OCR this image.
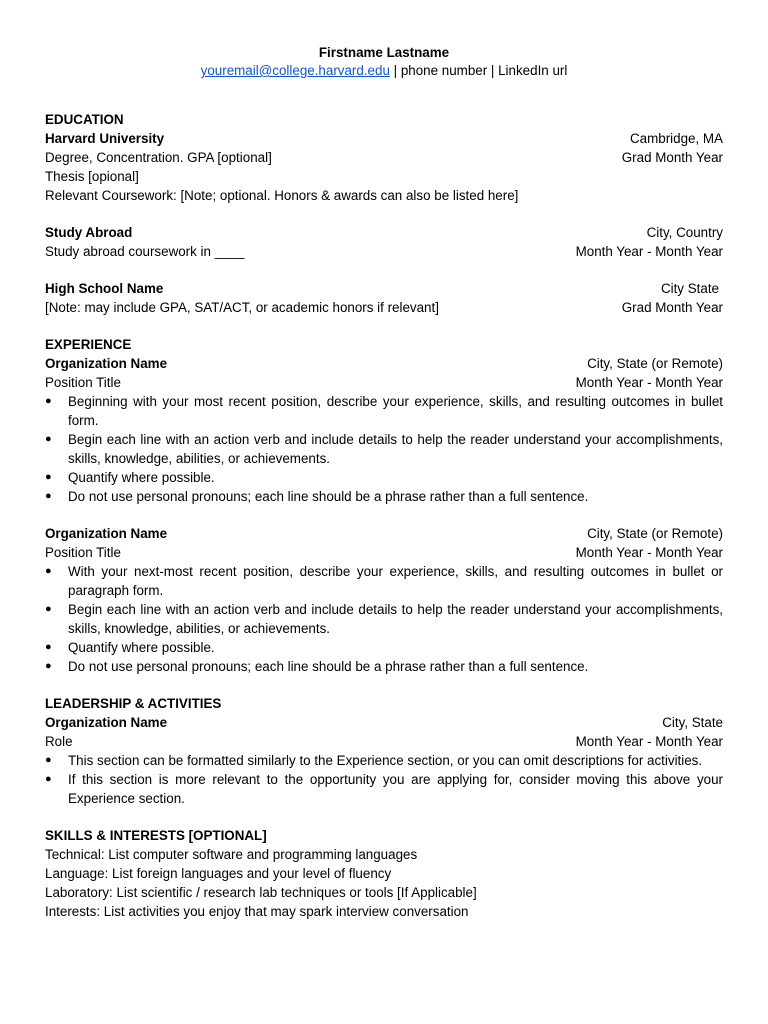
Firstname Lastname
youremail@college.harvard.edu | phone number | LinkedIn url
EDUCATION
Harvard University	Cambridge, MA
Degree, Concentration. GPA [optional]	Grad Month Year
Thesis [opional]
Relevant Coursework: [Note; optional. Honors & awards can also be listed here]
Study Abroad	City, Country
Study abroad coursework in ____	Month Year - Month Year
High School Name	City State
[Note: may include GPA, SAT/ACT, or academic honors if relevant]	Grad Month Year
EXPERIENCE
Organization Name	City, State (or Remote)
Position Title	Month Year - Month Year
● Beginning with your most recent position, describe your experience, skills, and resulting outcomes in bullet form.
● Begin each line with an action verb and include details to help the reader understand your accomplishments, skills, knowledge, abilities, or achievements.
● Quantify where possible.
● Do not use personal pronouns; each line should be a phrase rather than a full sentence.
Organization Name	City, State (or Remote)
Position Title	Month Year - Month Year
● With your next-most recent position, describe your experience, skills, and resulting outcomes in bullet or paragraph form.
● Begin each line with an action verb and include details to help the reader understand your accomplishments, skills, knowledge, abilities, or achievements.
● Quantify where possible.
● Do not use personal pronouns; each line should be a phrase rather than a full sentence.
LEADERSHIP & ACTIVITIES
Organization Name	City, State
Role	Month Year - Month Year
● This section can be formatted similarly to the Experience section, or you can omit descriptions for activities.
● If this section is more relevant to the opportunity you are applying for, consider moving this above your Experience section.
SKILLS & INTERESTS [OPTIONAL]
Technical: List computer software and programming languages
Language: List foreign languages and your level of fluency
Laboratory: List scientific / research lab techniques or tools [If Applicable]
Interests: List activities you enjoy that may spark interview conversation
